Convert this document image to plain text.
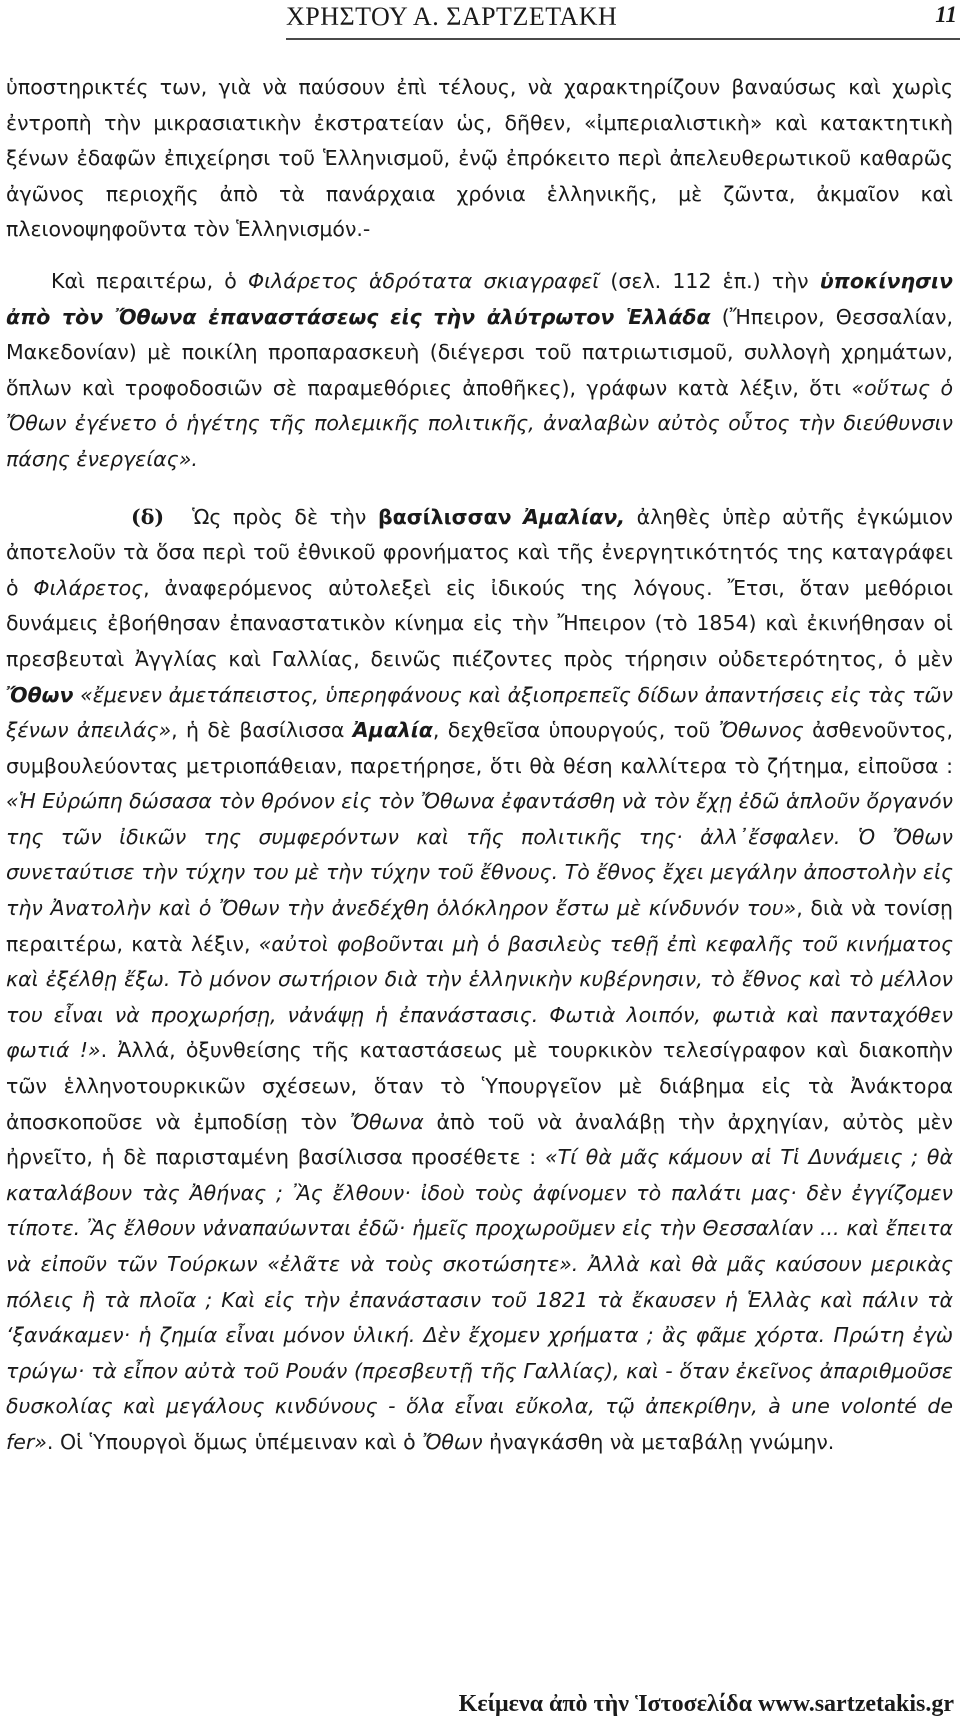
ΧΡΗΣΤΟΥ Α. ΣΑΡΤΖΕΤΑΚΗ	11

ὑποστηρικτές των, γιὰ νὰ παύσουν ἐπὶ τέλους, νὰ χαρακτηρίζουν βαναύσως καὶ χωρὶς ἐντροπὴ τὴν μικρασιατικὴν ἐκστρατείαν ὡς, δῆθεν, «ἰμπεριαλιστικὴ» καὶ κατακτητικὴ ξένων ἐδαφῶν ἐπιχείρησι τοῦ Ἑλληνισμοῦ, ἐνῷ ἐπρόκειτο περὶ ἀπελευθερωτικοῦ καθαρῶς ἀγῶνος περιοχῆς ἀπὸ τὰ πανάρχαια χρόνια ἑλληνικῆς, μὲ ζῶντα, ἀκμαῖον καὶ πλειονοψηφοῦντα τὸν Ἑλληνισμόν.-

Καὶ περαιτέρω, ὁ Φιλάρετος ἁδρότατα σκιαγραφεῖ (σελ. 112 ἑπ.) τὴν ὑποκίνησιν ἀπὸ τὸν Ὄθωνα ἐπαναστάσεως εἰς τὴν ἀλύτρωτον Ἑλλάδα (Ἤπειρον, Θεσσαλίαν, Μακεδονίαν) μὲ ποικίλη προπαρασκευὴ (διέγερσι τοῦ πατριωτισμοῦ, συλλογὴ χρημάτων, ὅπλων καὶ τροφοδοσιῶν σὲ παραμεθόριες ἀποθῆκες), γράφων κατὰ λέξιν, ὅτι «οὕτως ὁ Ὄθων ἐγένετο ὁ ἡγέτης τῆς πολεμικῆς πολιτικῆς, ἀναλαβὼν αὐτὸς οὗτος τὴν διεύθυνσιν πάσης ἐνεργείας».

(δ) Ὡς πρὸς δὲ τὴν βασίλισσαν Ἀμαλίαν, ἀληθὲς ὑπὲρ αὐτῆς ἐγκώμιον ἀποτελοῦν τὰ ὅσα περὶ τοῦ ἐθνικοῦ φρονήματος καὶ τῆς ἐνεργητικότητός της καταγράφει ὁ Φιλάρετος, ἀναφερόμενος αὐτολεξεὶ εἰς ἰδικούς της λόγους. Ἔτσι, ὅταν μεθόριοι δυνάμεις ἐβοήθησαν ἐπαναστατικὸν κίνημα εἰς τὴν Ἤπειρον (τὸ 1854) καὶ ἐκινήθησαν οἱ πρεσβευταὶ Ἀγγλίας καὶ Γαλλίας, δεινῶς πιέζοντες πρὸς τήρησιν οὐδετερότητος, ὁ μὲν Ὄθων «ἔμενεν ἀμετάπειστος, ὑπερηφάνους καὶ ἀξιοπρεπεῖς δίδων ἀπαντήσεις εἰς τὰς τῶν ξένων ἀπειλάς», ἡ δὲ βασίλισσα Ἀμαλία, δεχθεῖσα ὑπουργούς, τοῦ Ὄθωνος ἀσθενοῦντος, συμβουλεύοντας μετριοπάθειαν, παρετήρησε, ὅτι θὰ θέση καλλίτερα τὸ ζήτημα, εἰποῦσα : «Ἡ Εὐρώπη δώσασα τὸν θρόνον εἰς τὸν Ὄθωνα ἐφαντάσθη νὰ τὸν ἔχῃ ἐδῶ ἁπλοῦν ὄργανόν της τῶν ἰδικῶν της συμφερόντων καὶ τῆς πολιτικῆς της· ἀλλ᾽ἔσφαλεν. Ὁ Ὄθων συνεταύτισε τὴν τύχην του μὲ τὴν τύχην τοῦ ἔθνους. Τὸ ἔθνος ἔχει μεγάλην ἀποστολὴν εἰς τὴν Ἀνατολὴν καὶ ὁ Ὄθων τὴν ἀνεδέχθη ὁλόκληρον ἔστω μὲ κίνδυνόν του», διὰ νὰ τονίσῃ περαιτέρω, κατὰ λέξιν, «αὐτοὶ φοβοῦνται μὴ ὁ βασιλεὺς τεθῇ ἐπὶ κεφαλῆς τοῦ κινήματος καὶ ἐξέλθῃ ἔξω. Τὸ μόνον σωτήριον διὰ τὴν ἑλληνικὴν κυβέρνησιν, τὸ ἔθνος καὶ τὸ μέλλον του εἶναι νὰ προχωρήσῃ, νἀνάψῃ ἡ ἐπανάστασις. Φωτιὰ λοιπόν, φωτιὰ καὶ πανταχόθεν φωτιά !». Ἀλλά, ὀξυνθείσης τῆς καταστάσεως μὲ τουρκικὸν τελεσίγραφον καὶ διακοπὴν τῶν ἑλληνοτουρκικῶν σχέσεων, ὅταν τὸ Ὑπουργεῖον μὲ διάβημα εἰς τὰ Ἀνάκτορα ἀποσκοποῦσε νὰ ἐμποδίσῃ τὸν Ὄθωνα ἀπὸ τοῦ νὰ ἀναλάβῃ τὴν ἀρχηγίαν, αὐτὸς μὲν ἠρνεῖτο, ἡ δὲ παρισταμένη βασίλισσα προσέθετε : «Τί θὰ μᾶς κάμουν αἱ Τἱ Δυνάμεις ; θὰ καταλάβουν τὰς Ἀθήνας ; Ἂς ἔλθουν· ἰδοὺ τοὺς ἀφίνομεν τὸ παλάτι μας· δὲν ἐγγίζομεν τίποτε. Ἂς ἔλθουν νἀναπαύωνται ἐδῶ· ἡμεῖς προχωροῦμεν εἰς τὴν Θεσσαλίαν ... καὶ ἔπειτα νὰ εἰποῦν τῶν Τούρκων «ἐλᾶτε νὰ τοὺς σκοτώσητε». Ἀλλὰ καὶ θὰ μᾶς καύσουν μερικὰς πόλεις ἢ τὰ πλοῖα ; Καὶ εἰς τὴν ἐπανάστασιν τοῦ 1821 τὰ ἔκαυσεν ἡ Ἑλλὰς καὶ πάλιν τὰ ‘ξανάκαμεν· ἡ ζημία εἶναι μόνον ὑλική. Δὲν ἔχομεν χρήματα ; ἂς φᾶμε χόρτα. Πρώτη ἐγὼ τρώγω· τὰ εἶπον αὐτὰ τοῦ Ρουάν (πρεσβευτῇ τῆς Γαλλίας), καὶ - ὅταν ἐκεῖνος ἀπαριθμοῦσε δυσκολίας καὶ μεγάλους κινδύνους - ὅλα εἶναι εὔκολα, τῷ ἀπεκρίθην, à une volonté de fer». Οἱ Ὑπουργοὶ ὅμως ὑπέμειναν καὶ ὁ Ὄθων ἠναγκάσθη νὰ μεταβάλῃ γνώμην.

Κείμενα ἀπὸ τὴν Ἱστοσελίδα www.sartzetakis.gr
